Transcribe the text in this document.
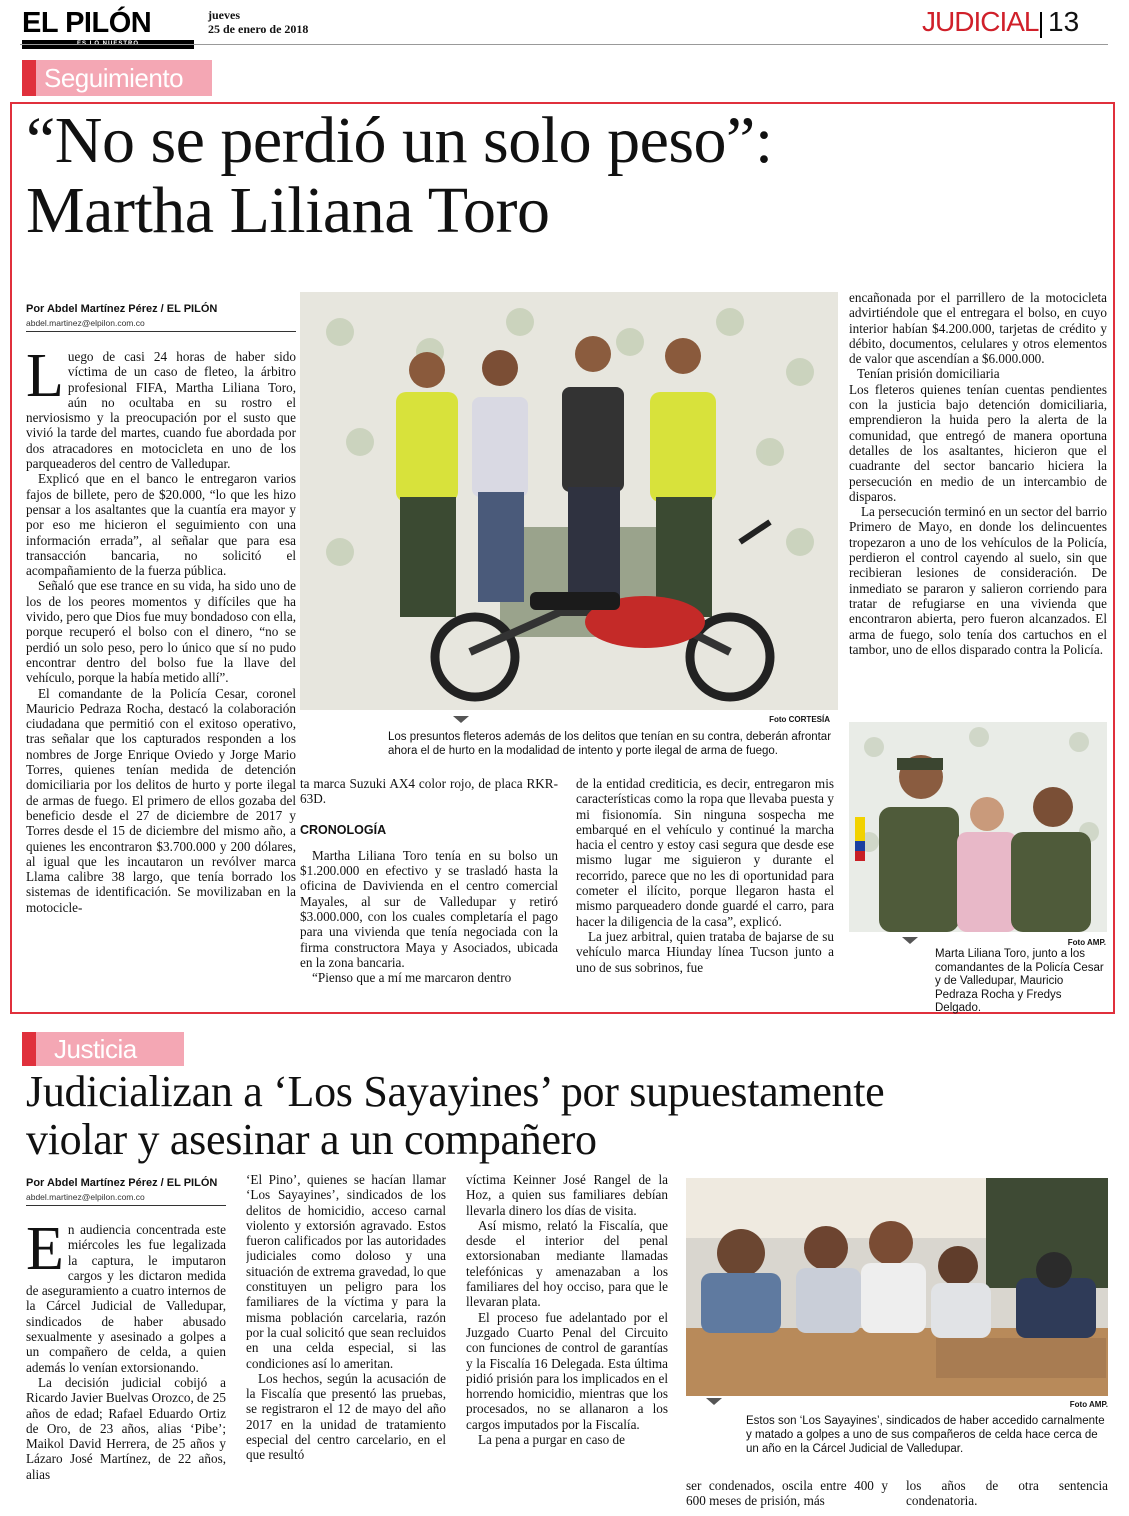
EL PILÓN	jueves
25 de enero de 2018	JUDICIAL 13
Seguimiento
“No se perdió un solo peso”:
Martha Liliana Toro
Por Abdel Martínez Pérez / EL PILÓN
abdel.martinez@elpilon.com.co

Luego de casi 24 horas de haber sido víctima de un caso de fleteo, la árbitro profesional FIFA, Martha Liliana Toro, aún no ocultaba en su rostro el nerviosismo y la preocupación por el susto que vivió la tarde del martes, cuando fue abordada por dos atracadores en motocicleta en uno de los parqueaderos del centro de Valledupar.

Explicó que en el banco le entregaron varios fajos de billete, pero de $20.000, “lo que les hizo pensar a los asaltantes que la cuantía era mayor y por eso me hicieron el seguimiento con una información errada”, al señalar que para esa transacción bancaria, no solicitó el acompañamiento de la fuerza pública.

Señaló que ese trance en su vida, ha sido uno de los de los peores momentos y difíciles que ha vivido, pero que Dios fue muy bondadoso con ella, porque recuperó el bolso con el dinero, “no se perdió un solo peso, pero lo único que sí no pudo encontrar dentro del bolso fue la llave del vehículo, porque la había metido allí”.

El comandante de la Policía Cesar, coronel Mauricio Pedraza Rocha, destacó la colaboración ciudadana que permitió con el exitoso operativo, tras señalar que los capturados responden a los nombres de Jorge Enrique Oviedo y Jorge Mario Torres, quienes tenían medida de detención domiciliaria por los delitos de hurto y porte ilegal de armas de fuego. El primero de ellos gozaba del beneficio desde el 27 de diciembre de 2017 y Torres desde el 15 de diciembre del mismo año, a quienes les encontraron $3.700.000 y 200 dólares, al igual que les incautaron un revólver marca Llama calibre 38 largo, que tenía borrado los sistemas de identificación. Se movilizaban en la motocicle-

Foto CORTESÍA
Los presuntos fleteros además de los delitos que tenían en su contra, deberán afrontar ahora el de hurto en la modalidad de intento y porte ilegal de arma de fuego.

ta marca Suzuki AX4 color rojo, de placa RKR-63D.

CRONOLOGÍA

Martha Liliana Toro tenía en su bolso un $1.200.000 en efectivo y se trasladó hasta la oficina de Davivienda en el centro comercial Mayales, al sur de Valledupar y retiró $3.000.000, con los cuales completaría el pago para una vivienda que tenía negociada con la firma constructora Maya y Asociados, ubicada en la zona bancaria.

“Pienso que a mí me marcaron dentro

de la entidad crediticia, es decir, entregaron mis características como la ropa que llevaba puesta y mi fisionomía. Sin ninguna sospecha me embarqué en el vehículo y continué la marcha hacia el centro y estoy casi segura que desde ese mismo lugar me siguieron y durante el recorrido, parece que no les di oportunidad para cometer el ilícito, porque llegaron hasta el mismo parqueadero donde guardé el carro, para hacer la diligencia de la casa”, explicó.

La juez arbitral, quien trataba de bajarse de su vehículo marca Hiunday línea Tucson junto a uno de sus sobrinos, fue

encañonada por el parrillero de la motocicleta advirtiéndole que el entregara el bolso, en cuyo interior habían $4.200.000, tarjetas de crédito y débito, documentos, celulares y otros elementos de valor que ascendían a $6.000.000.

Tenían prisión domiciliaria

Los fleteros quienes tenían cuentas pendientes con la justicia bajo detención domiciliaria, emprendieron la huida pero la alerta de la comunidad, que entregó de manera oportuna detalles de los asaltantes, hicieron que el cuadrante del sector bancario hiciera la persecución en medio de un intercambio de disparos.

La persecución terminó en un sector del barrio Primero de Mayo, en donde los delincuentes tropezaron a uno de los vehículos de la Policía, perdieron el control cayendo al suelo, sin que recibieran lesiones de consideración. De inmediato se pararon y salieron corriendo para tratar de refugiarse en una vivienda que encontraron abierta, pero fueron alcanzados. El arma de fuego, solo tenía dos cartuchos en el tambor, uno de ellos disparado contra la Policía.

Foto AMP.
Marta Liliana Toro, junto a los comandantes de la Policía Cesar y de Valledupar, Mauricio Pedraza Rocha y Fredys Delgado.
Justicia
Judicializan a ‘Los Sayayines’ por supuestamente
violar y asesinar a un compañero
Por Abdel Martínez Pérez / EL PILÓN
abdel.martinez@elpilon.com.co

En audiencia concentrada este miércoles les fue legalizada la captura, le imputaron cargos y les dictaron medida de aseguramiento a cuatro internos de la Cárcel Judicial de Valledupar, sindicados de haber abusado sexualmente y asesinado a golpes a un compañero de celda, a quien además lo venían extorsionando.

La decisión judicial cobijó a Ricardo Javier Buelvas Orozco, de 25 años de edad; Rafael Eduardo Ortiz de Oro, de 23 años, alias ‘Pibe’; Maikol David Herrera, de 25 años y Lázaro José Martínez, de 22 años, alias

‘El Pino’, quienes se hacían llamar ‘Los Sayayines’, sindicados de los delitos de homicidio, acceso carnal violento y extorsión agravado. Estos fueron calificados por las autoridades judiciales como doloso y una situación de extrema gravedad, lo que constituyen un peligro para los familiares de la víctima y para la misma población carcelaria, razón por la cual solicitó que sean recluidos en una celda especial, si las condiciones así lo ameritan.

Los hechos, según la acusación de la Fiscalía que presentó las pruebas, se registraron el 12 de mayo del año 2017 en la unidad de tratamiento especial del centro carcelario, en el que resultó

víctima Keinner José Rangel de la Hoz, a quien sus familiares debían llevarla dinero los días de visita.

Así mismo, relató la Fiscalía, que desde el interior del penal extorsionaban mediante llamadas telefónicas y amenazaban a los familiares del hoy occiso, para que le llevaran plata.

El proceso fue adelantado por el Juzgado Cuarto Penal del Circuito con funciones de control de garantías y la Fiscalía 16 Delegada. Esta última pidió prisión para los implicados en el horrendo homicidio, mientras que los procesados, no se allanaron a los cargos imputados por la Fiscalía.

La pena a purgar en caso de

Foto AMP.
Estos son ‘Los Sayayines’, sindicados de haber accedido carnalmente y matado a golpes a uno de sus compañeros de celda hace cerca de un año en la Cárcel Judicial de Valledupar.

ser condenados, oscila entre 400 y 600 meses de prisión, más

los años de otra sentencia condenatoria.
